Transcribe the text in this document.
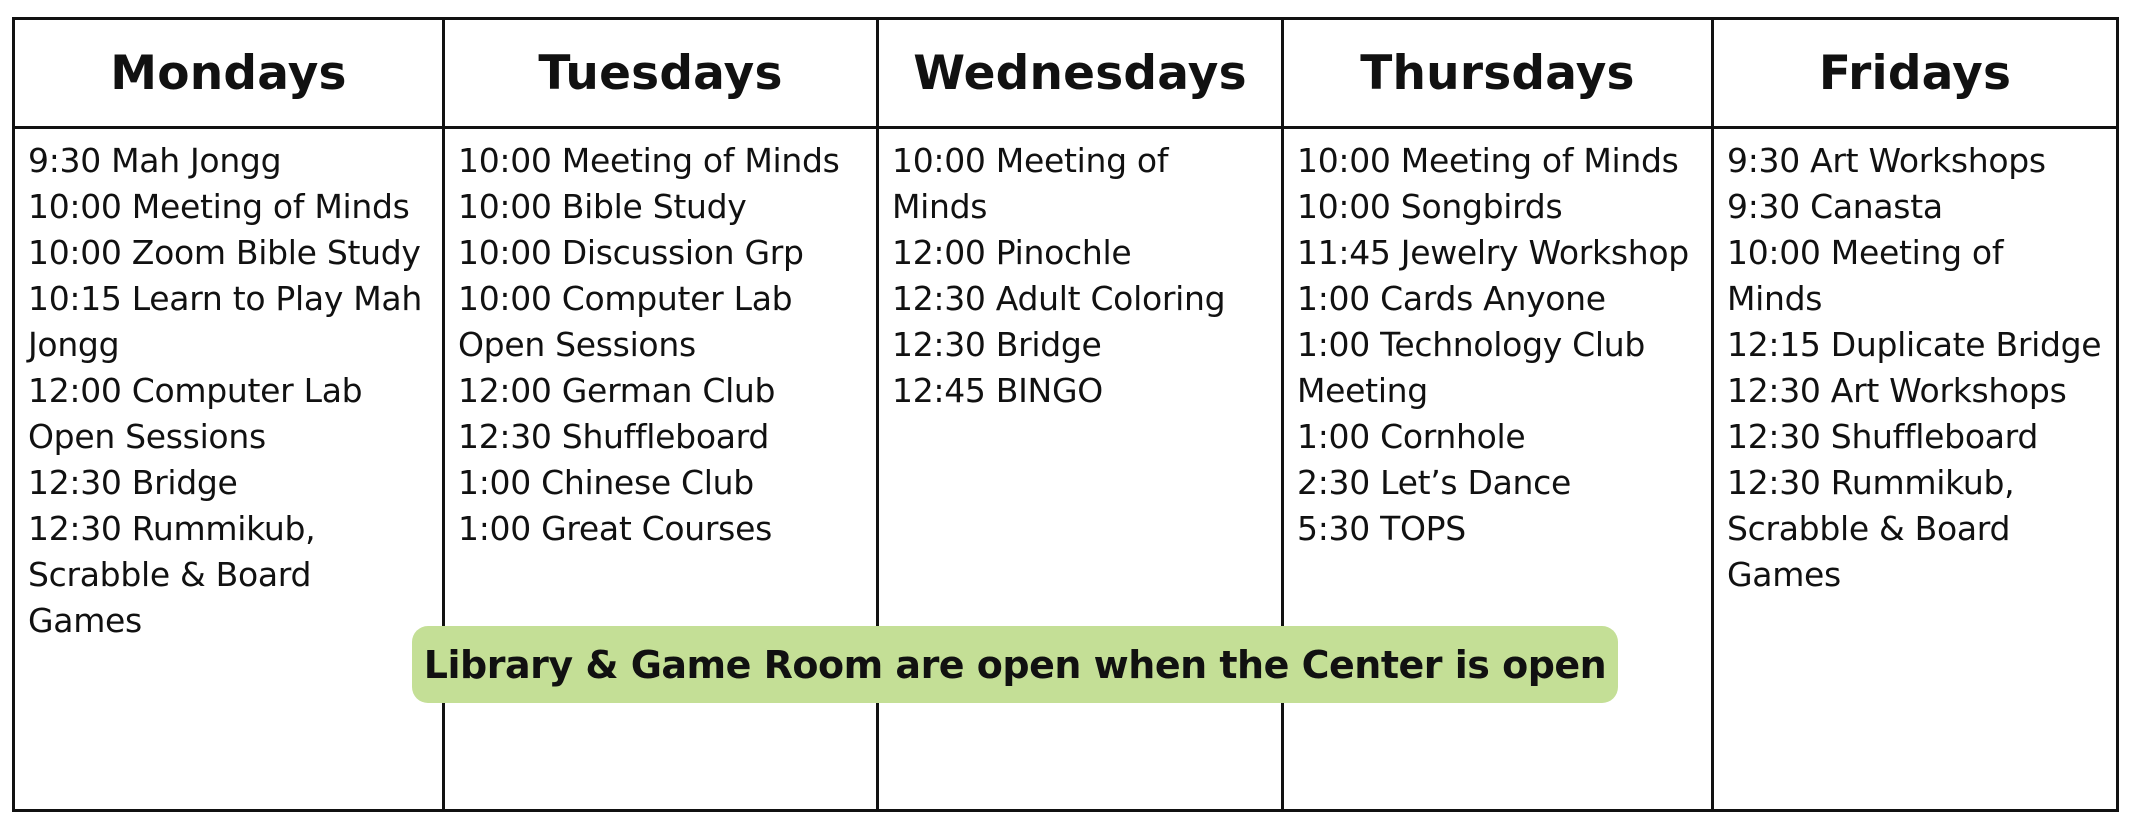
Mondays
9:30 Mah Jongg
10:00 Meeting of Minds
10:00 Zoom Bible Study
10:15 Learn to Play Mah Jongg
12:00 Computer Lab Open Sessions
12:30 Bridge
12:30 Rummikub, Scrabble & Board Games
Tuesdays
10:00 Meeting of Minds
10:00 Bible Study
10:00 Discussion Grp
10:00 Computer Lab Open Sessions
12:00 German Club
12:30 Shuffleboard
1:00 Chinese Club
1:00 Great Courses
Wednesdays
10:00 Meeting of Minds
12:00 Pinochle
12:30 Adult Coloring
12:30 Bridge
12:45 BINGO
Thursdays
10:00 Meeting of Minds
10:00 Songbirds
11:45 Jewelry Workshop
1:00 Cards Anyone
1:00 Technology Club Meeting
1:00 Cornhole
2:30 Let’s Dance
5:30 TOPS
Fridays
9:30 Art Workshops
9:30 Canasta
10:00 Meeting of Minds
12:15 Duplicate Bridge
12:30 Art Workshops
12:30 Shuffleboard
12:30 Rummikub, Scrabble & Board Games
Library & Game Room are open when the Center is open
